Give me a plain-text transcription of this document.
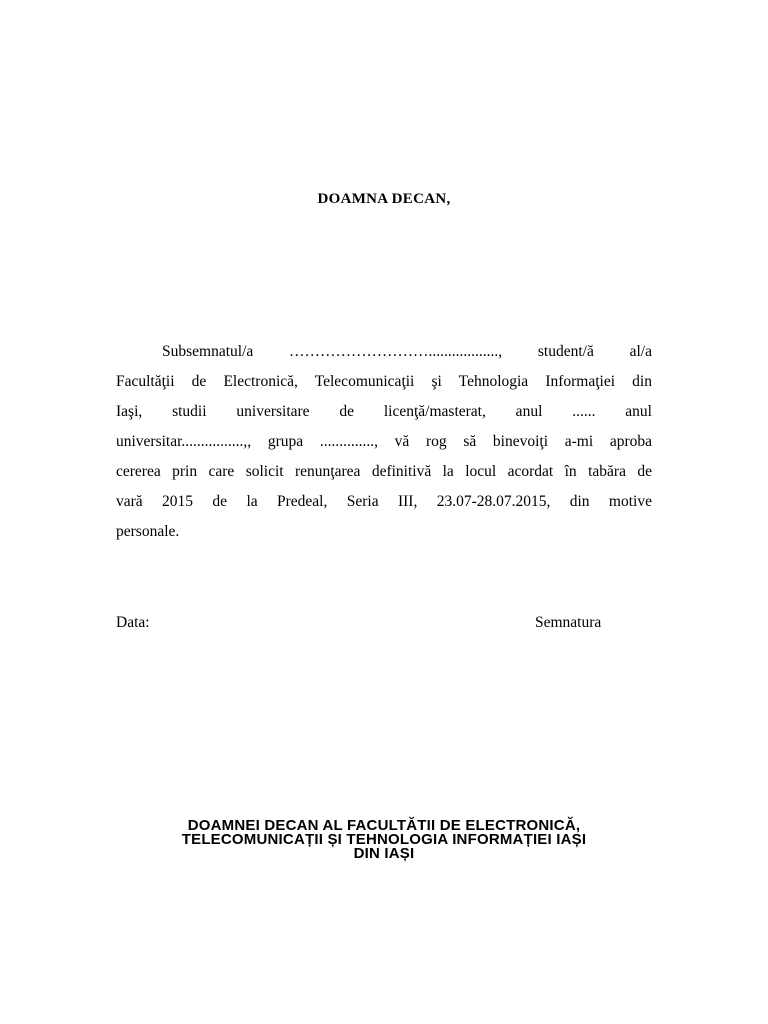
DOAMNA DECAN,
Subsemnatul/a ……………………….................., student/ă al/a
Facultăţii de Electronică, Telecomunicaţii şi Tehnologia Informaţiei din
Iaşi, studii universitare de licenţă/masterat, anul ...... anul
universitar................,, grupa .............., vă rog să binevoiţi a-mi aproba
cererea prin care solicit renunţarea definitivă la locul acordat în tabăra de
vară 2015 de la Predeal, Seria III, 23.07-28.07.2015, din motive
personale.
Data:	Semnatura
DOAMNEI DECAN AL FACULTĂTII DE ELECTRONICĂ,
TELECOMUNICAȚII ȘI TEHNOLOGIA INFORMAȚIEI IAȘI
DIN IAȘI
